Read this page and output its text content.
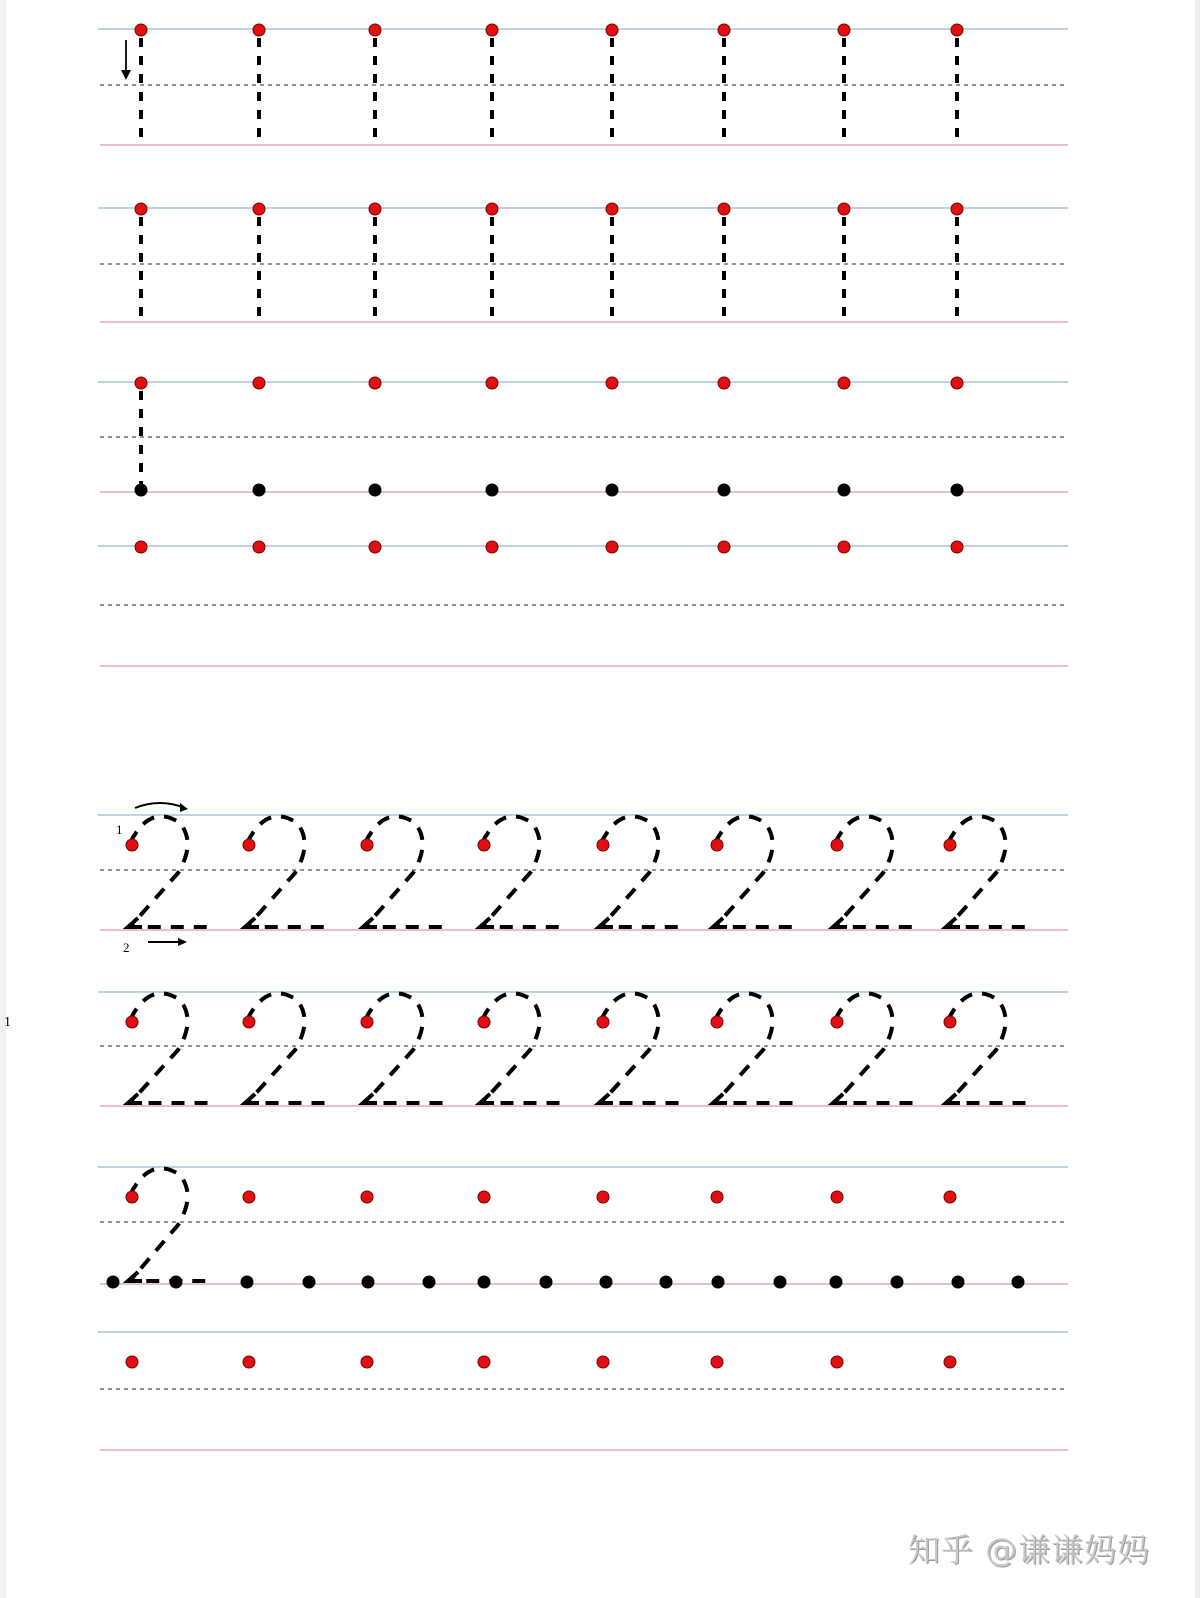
1
2
1
知乎 @谦谦妈妈
